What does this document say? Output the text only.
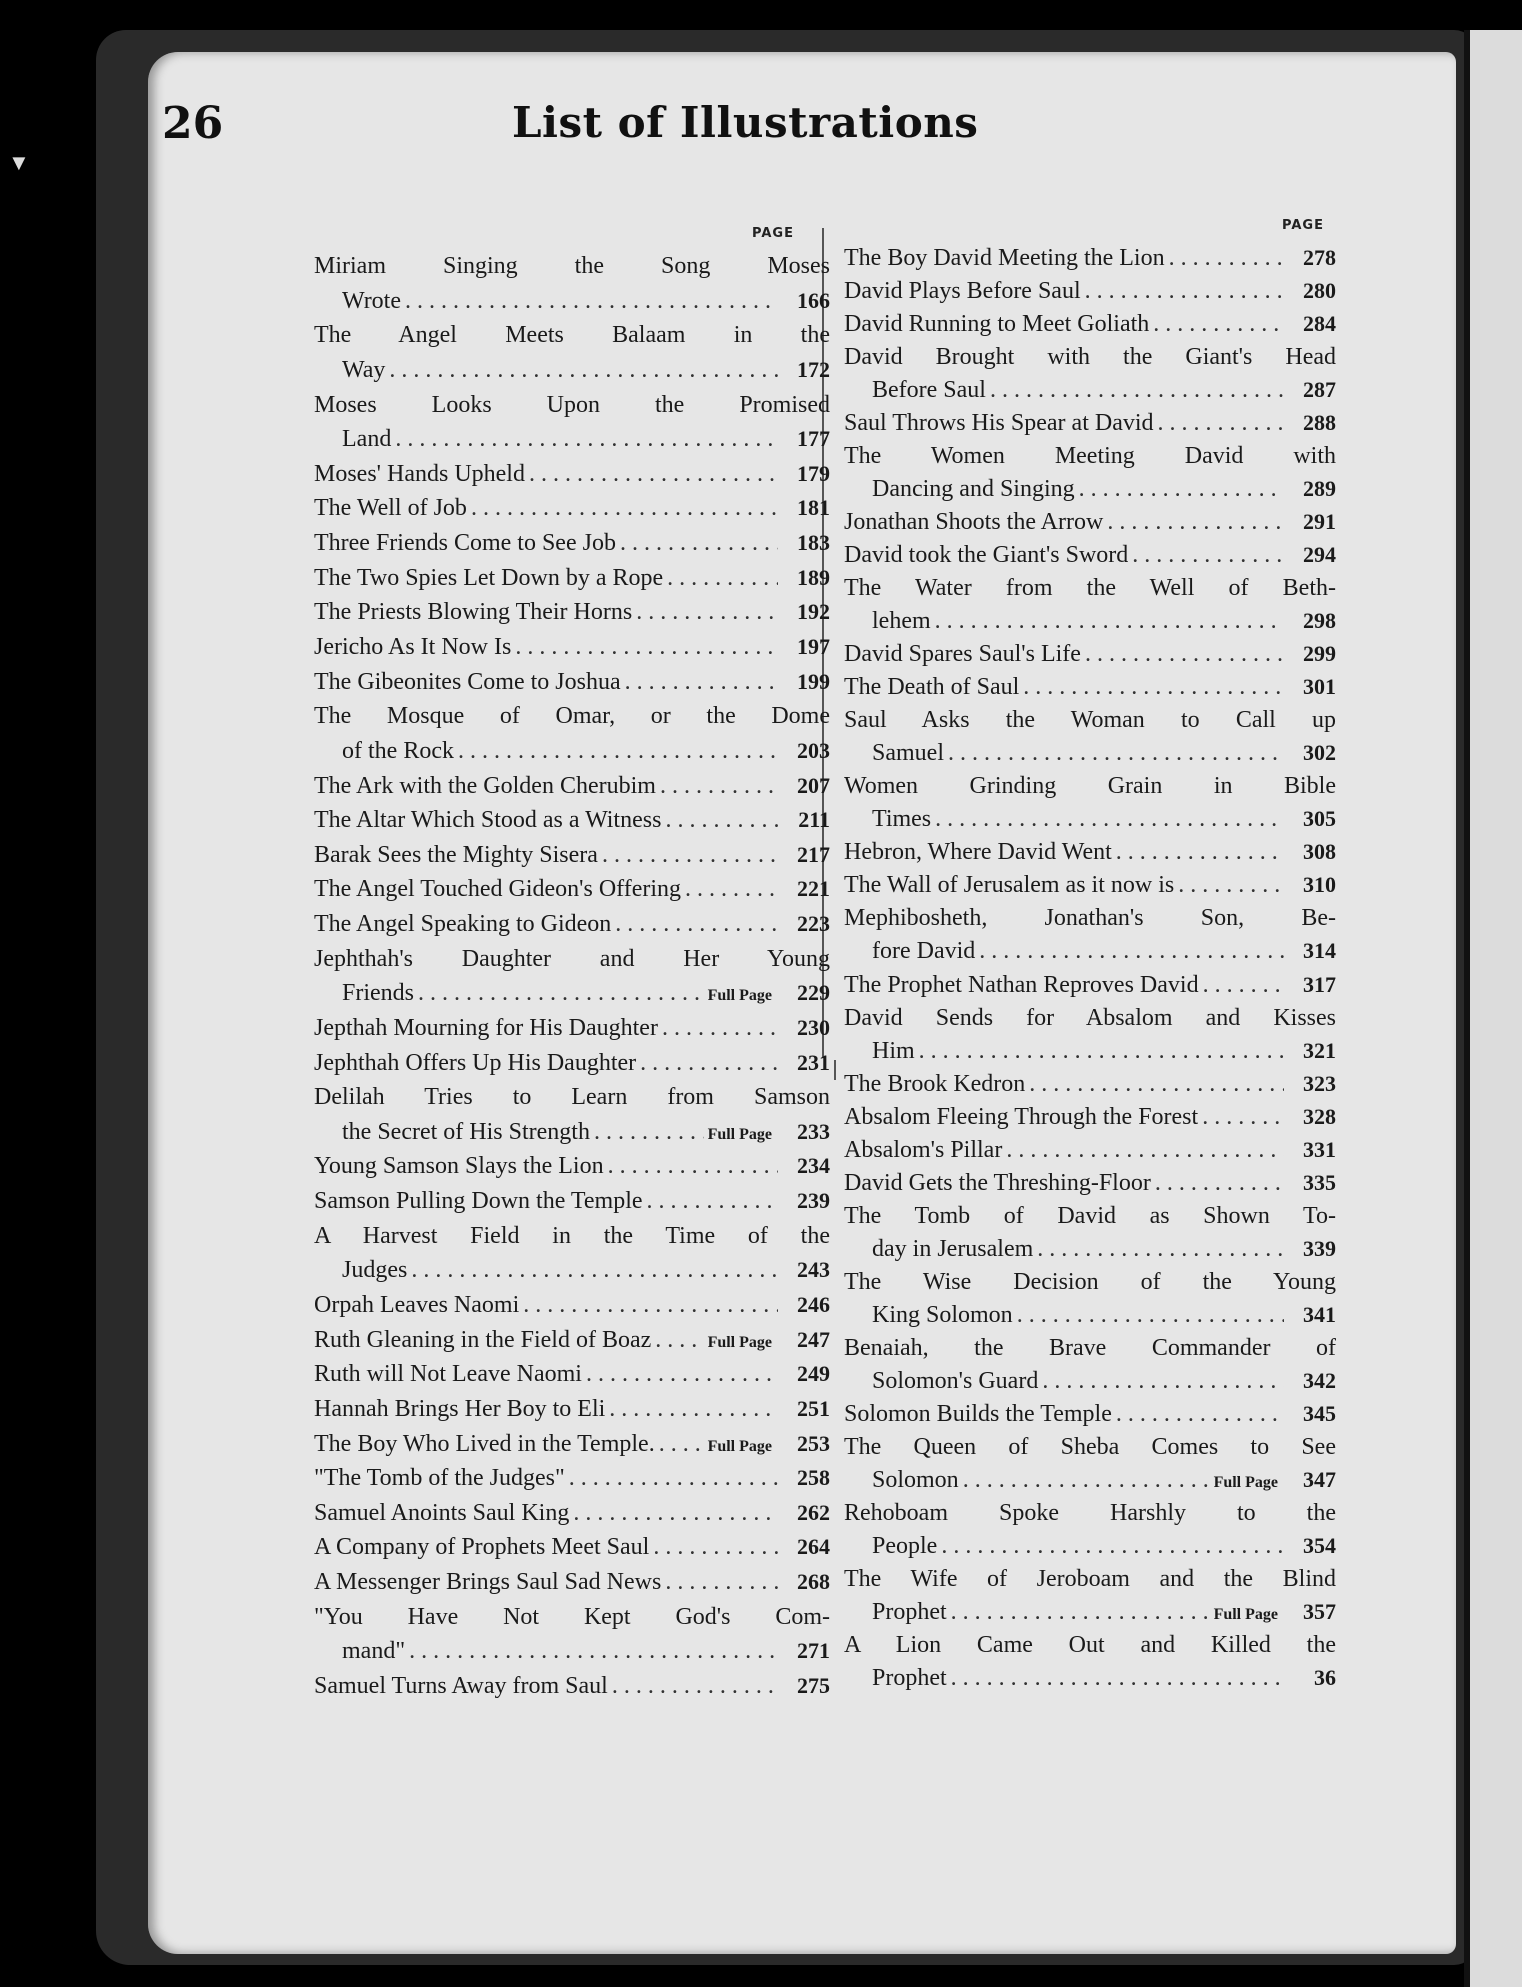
▼
26	List of Illustrations
PAGE
PAGE
Miriam Singing the Song Moses
Wrote . . .	166
The Angel Meets Balaam in the
Way . . .	172
Moses Looks Upon the Promised
Land . . .	177
Moses' Hands Upheld . . .	179
The Well of Job . . .	181
Three Friends Come to See Job . . .	183
The Two Spies Let Down by a Rope . . .	189
The Priests Blowing Their Horns . . .	192
Jericho As It Now Is . . .	197
The Gibeonites Come to Joshua . . .	199
The Mosque of Omar, or the Dome
of the Rock . . .	203
The Ark with the Golden Cherubim . . .	207
The Altar Which Stood as a Witness . . .	211
Barak Sees the Mighty Sisera . . .	217
The Angel Touched Gideon's Offering . . .	221
The Angel Speaking to Gideon . . .	223
Jephthah's Daughter and Her Young
Friends . . .	Full Page	229
Jepthah Mourning for His Daughter . . .	230
Jephthah Offers Up His Daughter . . .	231
Delilah Tries to Learn from Samson
the Secret of His Strength . . .	Full Page	233
Young Samson Slays the Lion . . .	234
Samson Pulling Down the Temple . . .	239
A Harvest Field in the Time of the
Judges . . .	243
Orpah Leaves Naomi . . .	246
Ruth Gleaning in the Field of Boaz . . .	Full Page	247
Ruth will Not Leave Naomi . . .	249
Hannah Brings Her Boy to Eli . . .	251
The Boy Who Lived in the Temple. . . .	Full Page	253
"The Tomb of the Judges" . . .	258
Samuel Anoints Saul King . . .	262
A Company of Prophets Meet Saul . . .	264
A Messenger Brings Saul Sad News . . .	268
"You Have Not Kept God's Com-
mand" . . .	271
Samuel Turns Away from Saul . . .	275
The Boy David Meeting the Lion . . .	278
David Plays Before Saul . . .	280
David Running to Meet Goliath . . .	284
David Brought with the Giant's Head
Before Saul . . .	287
Saul Throws His Spear at David . . .	288
The Women Meeting David with
Dancing and Singing . . .	289
Jonathan Shoots the Arrow . . .	291
David took the Giant's Sword . . .	294
The Water from the Well of Beth-
lehem . . .	298
David Spares Saul's Life . . .	299
The Death of Saul . . .	301
Saul Asks the Woman to Call up
Samuel . . .	302
Women Grinding Grain in Bible
Times . . .	305
Hebron, Where David Went . . .	308
The Wall of Jerusalem as it now is . . .	310
Mephibosheth, Jonathan's Son, Be-
fore David . . .	314
The Prophet Nathan Reproves David . . .	317
David Sends for Absalom and Kisses
Him . . .	321
The Brook Kedron . . .	323
Absalom Fleeing Through the Forest . . .	328
Absalom's Pillar . . .	331
David Gets the Threshing-Floor . . .	335
The Tomb of David as Shown To-
day in Jerusalem . . .	339
The Wise Decision of the Young
King Solomon . . .	341
Benaiah, the Brave Commander of
Solomon's Guard . . .	342
Solomon Builds the Temple . . .	345
The Queen of Sheba Comes to See
Solomon . . .	Full Page	347
Rehoboam Spoke Harshly to the
People . . .	354
The Wife of Jeroboam and the Blind
Prophet . . .	Full Page	357
A Lion Came Out and Killed the
Prophet . . .	36
